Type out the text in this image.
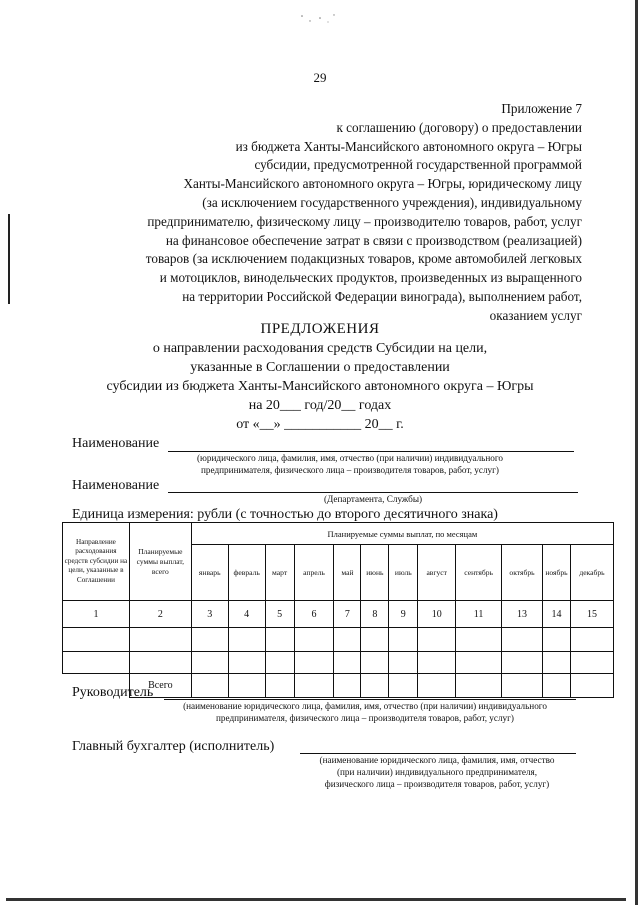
29
Приложение 7
к соглашению (договору) о предоставлении
из бюджета Ханты-Мансийского автономного округа – Югры
субсидии, предусмотренной государственной программой
Ханты-Мансийского автономного округа – Югры, юридическому лицу
(за исключением государственного учреждения), индивидуальному
предпринимателю, физическому лицу – производителю товаров, работ, услуг
на финансовое обеспечение затрат в связи с производством (реализацией)
товаров (за исключением подакцизных товаров, кроме автомобилей легковых
и мотоциклов, винодельческих продуктов, произведенных из выращенного
на территории Российской Федерации винограда), выполнением работ,
оказанием услуг
ПРЕДЛОЖЕНИЯ
о направлении расходования средств Субсидии на цели,
указанные в Соглашении о предоставлении
субсидии из бюджета Ханты-Мансийского автономного округа – Югры
на 20___ год/20__ годах
от «__» ___________ 20__ г.
Наименование
(юридического лица, фамилия, имя, отчество (при наличии) индивидуального
предпринимателя, физического лица – производителя товаров, работ, услуг)
Наименование
(Департамента, Службы)
Единица измерения: рубли (с точностью до второго десятичного знака)
Направление расходования средств субсидии на цели, указанные в Соглашении	Планируемые суммы выплат, всего	Планируемые суммы выплат, по месяцам											
		январь	февраль	март	апрель	май	июнь	июль	август	сентябрь	октябрь	ноябрь	декабрь
1	2	3	4	5	6	7	8	9	10	11	13	14	15

	Всего												
Руководитель
(наименование юридического лица, фамилия, имя, отчество (при наличии) индивидуального
предпринимателя, физического лица – производителя товаров, работ, услуг)
Главный бухгалтер (исполнитель)
(наименование юридического лица, фамилия, имя, отчество
(при наличии) индивидуального предпринимателя,
физического лица – производителя товаров, работ, услуг)
